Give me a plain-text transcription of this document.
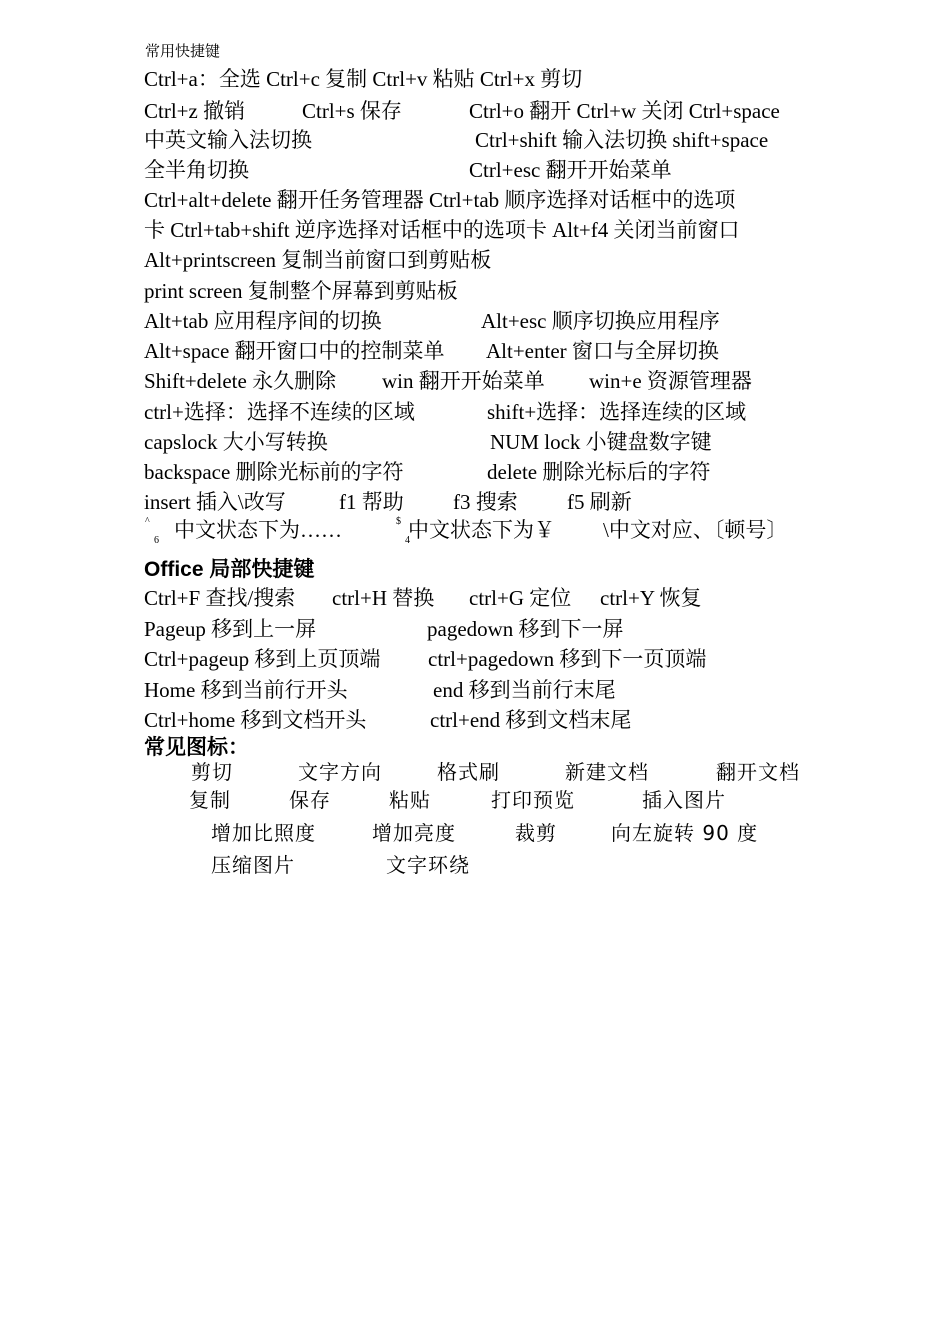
常用快捷键
Ctrl+a：全选 Ctrl+c 复制 Ctrl+v 粘贴 Ctrl+x 剪切
Ctrl+z 撤销	Ctrl+s 保存	Ctrl+o 翻开 Ctrl+w 关闭 Ctrl+space
中英文输入法切换	Ctrl+shift 输入法切换 shift+space
全半角切换	Ctrl+esc 翻开开始菜单
Ctrl+alt+delete 翻开任务管理器 Ctrl+tab 顺序选择对话框中的选项
卡 Ctrl+tab+shift 逆序选择对话框中的选项卡 Alt+f4 关闭当前窗口
Alt+printscreen 复制当前窗口到剪贴板
print screen 复制整个屏幕到剪贴板
Alt+tab 应用程序间的切换	Alt+esc 顺序切换应用程序
Alt+space 翻开窗口中的控制菜单 Alt+enter 窗口与全屏切换
Shift+delete 永久删除 win 翻开开始菜单 win+e 资源管理器
ctrl+选择：选择不连续的区域	shift+选择：选择连续的区域
capslock 大小写转换	NUM lock 小键盘数字键
backspace 删除光标前的字符	delete 删除光标后的字符
insert 插入\改写	f1 帮助 f3 搜索 f5 刷新
^
6
$
4
中文状态下为……	中文状态下为￥ \中文对应、〔顿号〕
Office 局部快捷键
Ctrl+F 查找/搜索 ctrl+H 替换 ctrl+G 定位 ctrl+Y 恢复
Pageup 移到上一屏	pagedown 移到下一屏
Ctrl+pageup 移到上页顶端 ctrl+pagedown 移到下一页顶端
Home 移到当前行开头	end 移到当前行末尾
Ctrl+home 移到文档开头	ctrl+end 移到文档末尾
常见图标：
剪切	文字方向	格式刷	新建文档	翻开文档
复制	保存	粘贴	打印预览	插入图片
增加比照度	增加亮度	裁剪	向左旋转 90 度
压缩图片	文字环绕
